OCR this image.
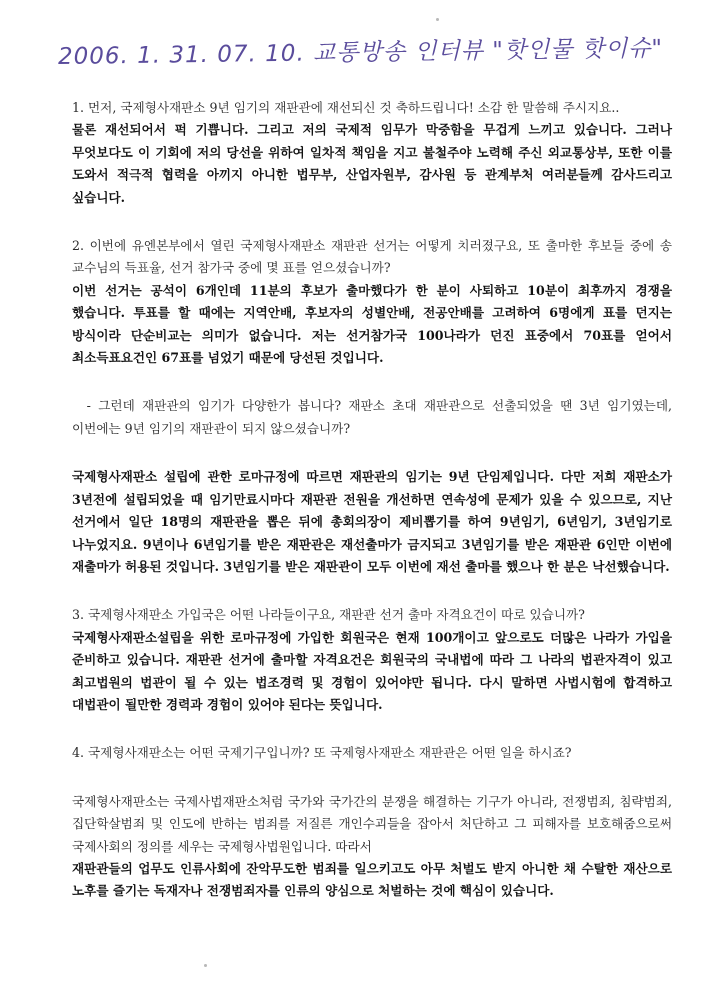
2006. 1. 31. 07. 10. 교통방송 인터뷰 "핫인물 핫이슈"

1. 먼저, 국제형사재판소 9년 임기의 재판관에 재선되신 것 축하드립니다! 소감 한 말씀해 주시지요..

물론 재선되어서 퍽 기쁩니다. 그리고 저의 국제적 임무가 막중함을 무겁게 느끼고 있습니다. 그러나 무엇보다도 이 기회에 저의 당선을 위하여 일차적 책임을 지고 불철주야 노력해 주신 외교통상부, 또한 이를 도와서 적극적 협력을 아끼지 아니한 법무부, 산업자원부, 감사원 등 관계부처 여러분들께 감사드리고 싶습니다.

2. 이번에 유엔본부에서 열린 국제형사재판소 재판관 선거는 어떻게 치러졌구요, 또 출마한 후보들 중에 송 교수님의 득표율, 선거 참가국 중에 몇 표를 얻으셨습니까?

이번 선거는 공석이 6개인데 11분의 후보가 출마했다가 한 분이 사퇴하고 10분이 최후까지 경쟁을 했습니다. 투표를 할 때에는 지역안배, 후보자의 성별안배, 전공안배를 고려하여 6명에게 표를 던지는 방식이라 단순비교는 의미가 없습니다. 저는 선거참가국 100나라가 던진 표중에서 70표를 얻어서 최소득표요건인 67표를 넘었기 때문에 당선된 것입니다.

- 그런데 재판관의 임기가 다양한가 봅니다? 재판소 초대 재판관으로 선출되었을 땐 3년 임기였는데, 이번에는 9년 임기의 재판관이 되지 않으셨습니까?

국제형사재판소 설립에 관한 로마규정에 따르면 재판관의 임기는 9년 단임제입니다. 다만 저희 재판소가 3년전에 설립되었을 때 임기만료시마다 재판관 전원을 개선하면 연속성에 문제가 있을 수 있으므로, 지난 선거에서 일단 18명의 재판관을 뽑은 뒤에 총회의장이 제비뽑기를 하여 9년임기, 6년임기, 3년임기로 나누었지요. 9년이나 6년임기를 받은 재판관은 재선출마가 금지되고 3년임기를 받은 재판관 6인만 이번에 재출마가 허용된 것입니다. 3년임기를 받은 재판관이 모두 이번에 재선 출마를 했으나 한 분은 낙선했습니다.

3. 국제형사재판소 가입국은 어떤 나라들이구요, 재판관 선거 출마 자격요건이 따로 있습니까?

국제형사재판소설립을 위한 로마규정에 가입한 회원국은 현재 100개이고 앞으로도 더많은 나라가 가입을 준비하고 있습니다. 재판관 선거에 출마할 자격요건은 회원국의 국내법에 따라 그 나라의 법관자격이 있고 최고법원의 법관이 될 수 있는 법조경력 및 경험이 있어야만 됩니다. 다시 말하면 사법시험에 합격하고 대법관이 될만한 경력과 경험이 있어야 된다는 뜻입니다.

4. 국제형사재판소는 어떤 국제기구입니까? 또 국제형사재판소 재판관은 어떤 일을 하시죠?

국제형사재판소는 국제사법재판소처럼 국가와 국가간의 분쟁을 해결하는 기구가 아니라, 전쟁범죄, 침략범죄, 집단학살범죄 및 인도에 반하는 범죄를 저질른 개인수괴들을 잡아서 처단하고 그 피해자를 보호해줌으로써 국제사회의 정의를 세우는 국제형사법원입니다. 따라서

재판관들의 업무도 인류사회에 잔악무도한 범죄를 일으키고도 아무 처벌도 받지 아니한 채 수탈한 재산으로 노후를 즐기는 독재자나 전쟁범죄자를 인류의 양심으로 처벌하는 것에 핵심이 있습니다.
